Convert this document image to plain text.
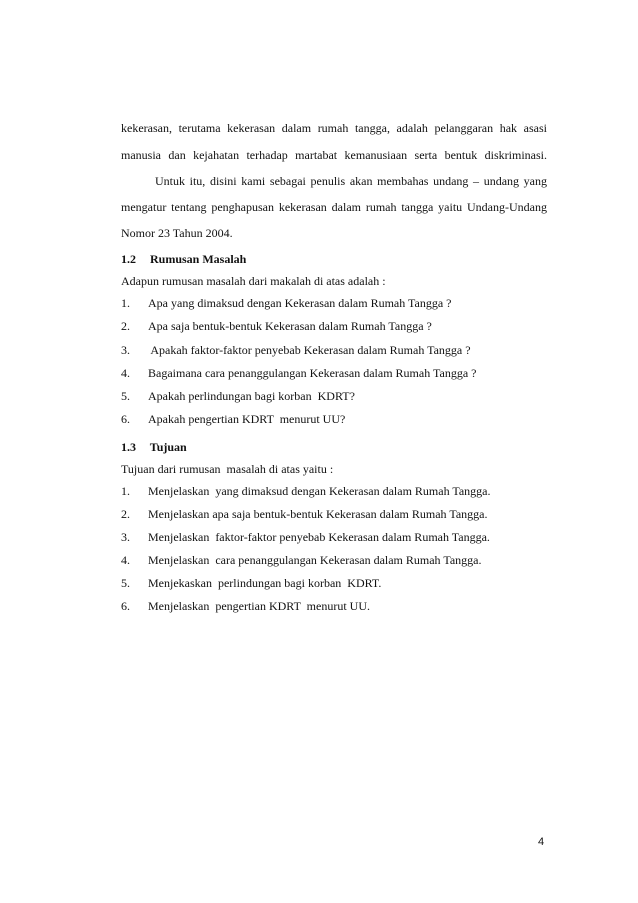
kekerasan, terutama kekerasan dalam rumah tangga, adalah pelanggaran hak asasi
manusia dan kejahatan terhadap martabat kemanusiaan serta bentuk diskriminasi.
Untuk itu, disini kami sebagai penulis akan membahas undang – undang yang
mengatur tentang penghapusan kekerasan dalam rumah tangga yaitu Undang-Undang
Nomor 23 Tahun 2004.
1.2 Rumusan Masalah
Adapun rumusan masalah dari makalah di atas adalah :
1. Apa yang dimaksud dengan Kekerasan dalam Rumah Tangga ?
2. Apa saja bentuk-bentuk Kekerasan dalam Rumah Tangga ?
3. Apakah faktor-faktor penyebab Kekerasan dalam Rumah Tangga ?
4. Bagaimana cara penanggulangan Kekerasan dalam Rumah Tangga ?
5. Apakah perlindungan bagi korban  KDRT?
6. Apakah pengertian KDRT  menurut UU?
1.3 Tujuan
Tujuan dari rumusan  masalah di atas yaitu :
1. Menjelaskan  yang dimaksud dengan Kekerasan dalam Rumah Tangga.
2. Menjelaskan apa saja bentuk-bentuk Kekerasan dalam Rumah Tangga.
3. Menjelaskan  faktor-faktor penyebab Kekerasan dalam Rumah Tangga.
4. Menjelaskan  cara penanggulangan Kekerasan dalam Rumah Tangga.
5. Menjekaskan  perlindungan bagi korban  KDRT.
6. Menjelaskan  pengertian KDRT  menurut UU.
4
